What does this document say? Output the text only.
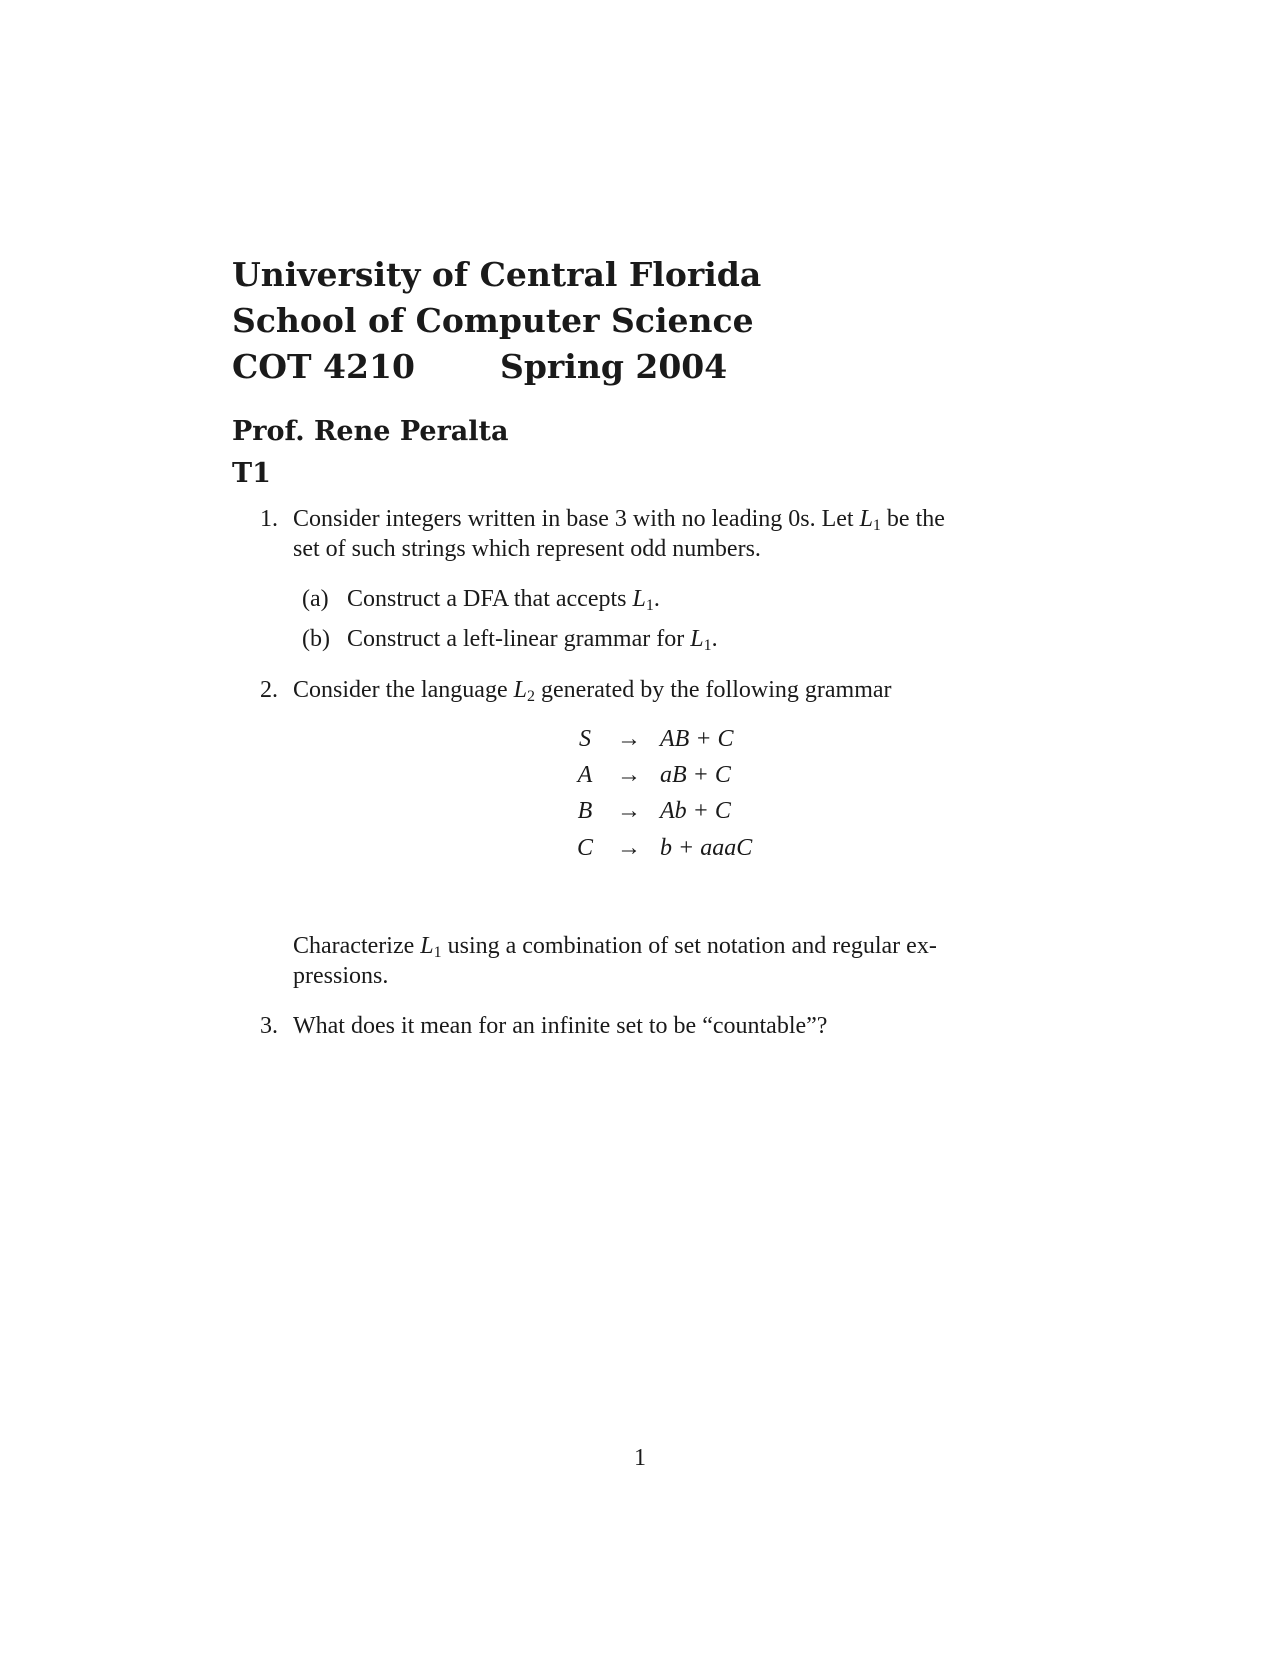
University of Central Florida
School of Computer Science
COT 4210	Spring 2004
Prof. Rene Peralta
T1
1. Consider integers written in base 3 with no leading 0s. Let $L_1$ be the
set of such strings which represent odd numbers.
(a) Construct a DFA that accepts $L_1$.
(b) Construct a left-linear grammar for $L_1$.
2. Consider the language $L_2$ generated by the following grammar
S	→ AB + C
A	→ aB + C
B	→ Ab + C
C → b + aaaC
Characterize $L_1$ using a combination of set notation and regular ex-
pressions.
3. What does it mean for an infinite set to be “countable”?
1
